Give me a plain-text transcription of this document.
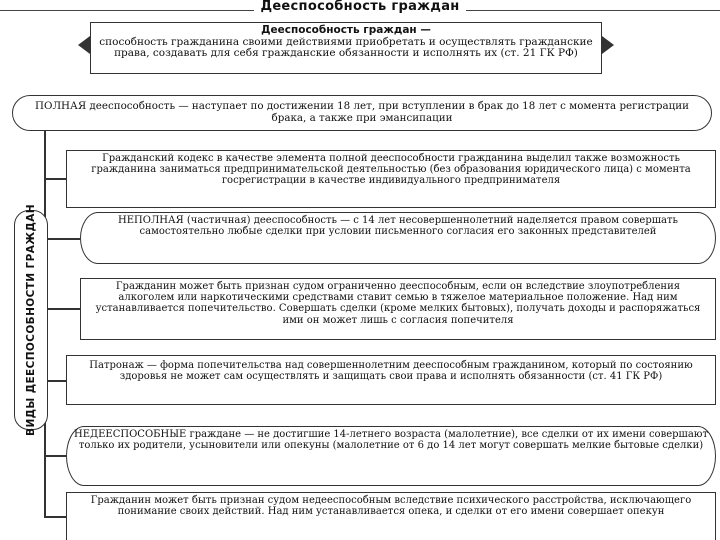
Дееспособность граждан
Дееспособность граждан —
способность гражданина своими действиями приобретать и осуществлять гражданские права, создавать для себя гражданские обязанности и исполнять их (ст. 21 ГК РФ)
ВИДЫ ДЕЕСПОСОБНОСТИ ГРАЖДАН
ПОЛНАЯ дееспособность — наступает по достижении 18 лет, при вступлении в брак до 18 лет с момента регистрации брака, а также при эмансипации
Гражданский кодекс в качестве элемента полной дееспособности гражданина выделил также возможность гражданина заниматься предпринимательской деятельностью (без образования юридического лица) с момента госрегистрации в качестве индивидуального предпринимателя
НЕПОЛНАЯ (частичная) дееспособность — с 14 лет несовершеннолетний наделяется правом совершать самостоятельно любые сделки при условии письменного согласия его законных представителей
Гражданин может быть признан судом ограниченно дееспособным, если он вследствие злоупотребления алкоголем или наркотическими средствами ставит семью в тяжелое материальное положение. Над ним устанавливается попечительство. Совершать сделки (кроме мелких бытовых), получать доходы и распоряжаться ими он может лишь с согласия попечителя
Патронаж — форма попечительства над совершеннолетним дееспособным гражданином, который по состоянию здоровья не может сам осуществлять и защищать свои права и исполнять обязанности (ст. 41 ГК РФ)
НЕДЕЕСПОСОБНЫЕ граждане — не достигшие 14-летнего возраста (малолетние), все сделки от их имени совершают только их родители, усыновители или опекуны (малолетние от 6 до 14 лет могут совершать мелкие бытовые сделки)
Гражданин может быть признан судом недееспособным вследствие психического расстройства, исключающего понимание своих действий. Над ним устанавливается опека, и сделки от его имени совершает опекун
